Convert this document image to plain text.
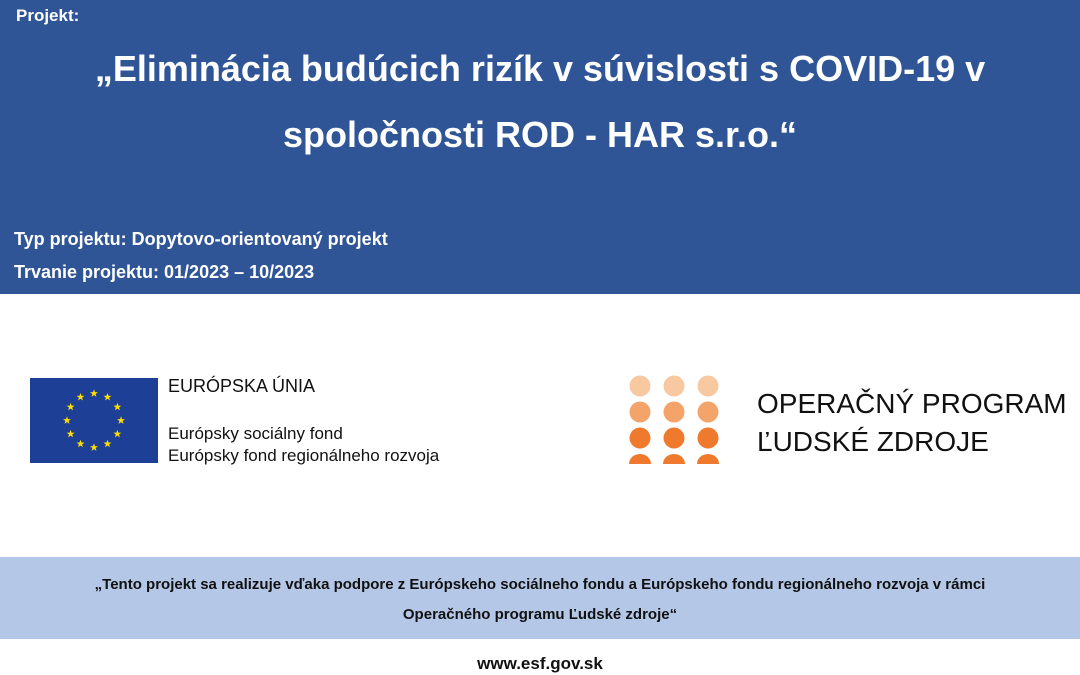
Projekt:
„Eliminácia budúcich rizík v súvislosti s COVID-19 v
spoločnosti ROD - HAR s.r.o.“
Typ projektu: Dopytovo-orientovaný projekt
Trvanie projektu: 01/2023 – 10/2023
EURÓPSKA ÚNIA
Európsky sociálny fond
Európsky fond regionálneho rozvoja
OPERAČNÝ PROGRAM
ĽUDSKÉ ZDROJE
„Tento projekt sa realizuje vďaka podpore z Európskeho sociálneho fondu a Európskeho fondu regionálneho rozvoja v rámci
Operačného programu Ľudské zdroje“
www.esf.gov.sk
